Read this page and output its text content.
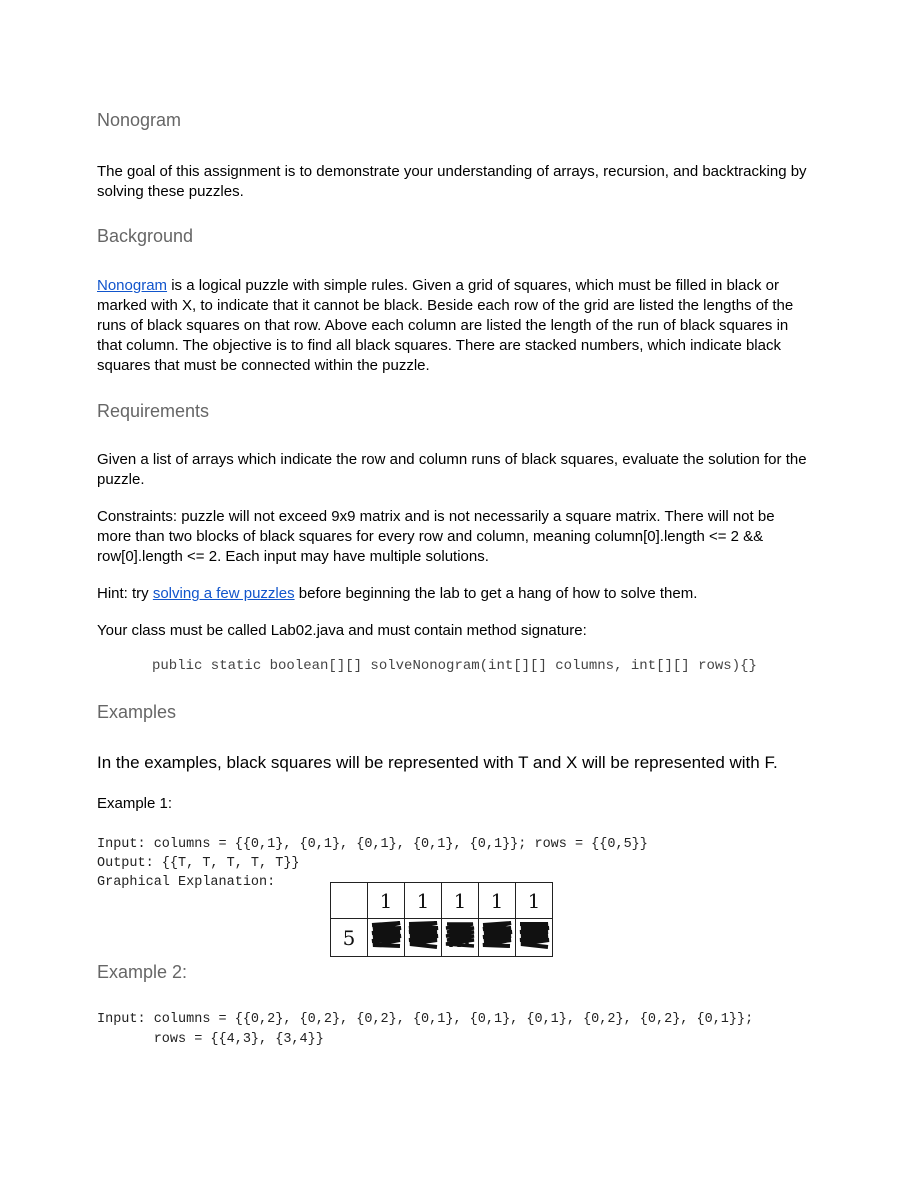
Nonogram
The goal of this assignment is to demonstrate your understanding of arrays, recursion, and backtracking by solving these puzzles.
Background
Nonogram is a logical puzzle with simple rules. Given a grid of squares, which must be filled in black or marked with X, to indicate that it cannot be black. Beside each row of the grid are listed the lengths of the runs of black squares on that row. Above each column are listed the length of the run of black squares in that column. The objective is to find all black squares. There are stacked numbers, which indicate black squares that must be connected within the puzzle.
Requirements
Given a list of arrays which indicate the row and column runs of black squares, evaluate the solution for the puzzle.
Constraints: puzzle will not exceed 9x9 matrix and is not necessarily a square matrix. There will not be more than two blocks of black squares for every row and column, meaning column[0].length <= 2 && row[0].length <= 2. Each input may have multiple solutions.
Hint: try solving a few puzzles before beginning the lab to get a hang of how to solve them.
Your class must be called Lab02.java and must contain method signature:
public static boolean[][] solveNonogram(int[][] columns, int[][] rows){}
Examples
In the examples, black squares will be represented with T and X will be represented with F.
Example 1:
Input: columns = {{0,1}, {0,1}, {0,1}, {0,1}, {0,1}}; rows = {{0,5}}
Output: {{T, T, T, T, T}}
Graphical Explanation:
	1	1	1	1	1
5					
Example 2:
Input: columns = {{0,2}, {0,2}, {0,2}, {0,1}, {0,1}, {0,1}, {0,2}, {0,2}, {0,1}};
rows = {{4,3}, {3,4}}
